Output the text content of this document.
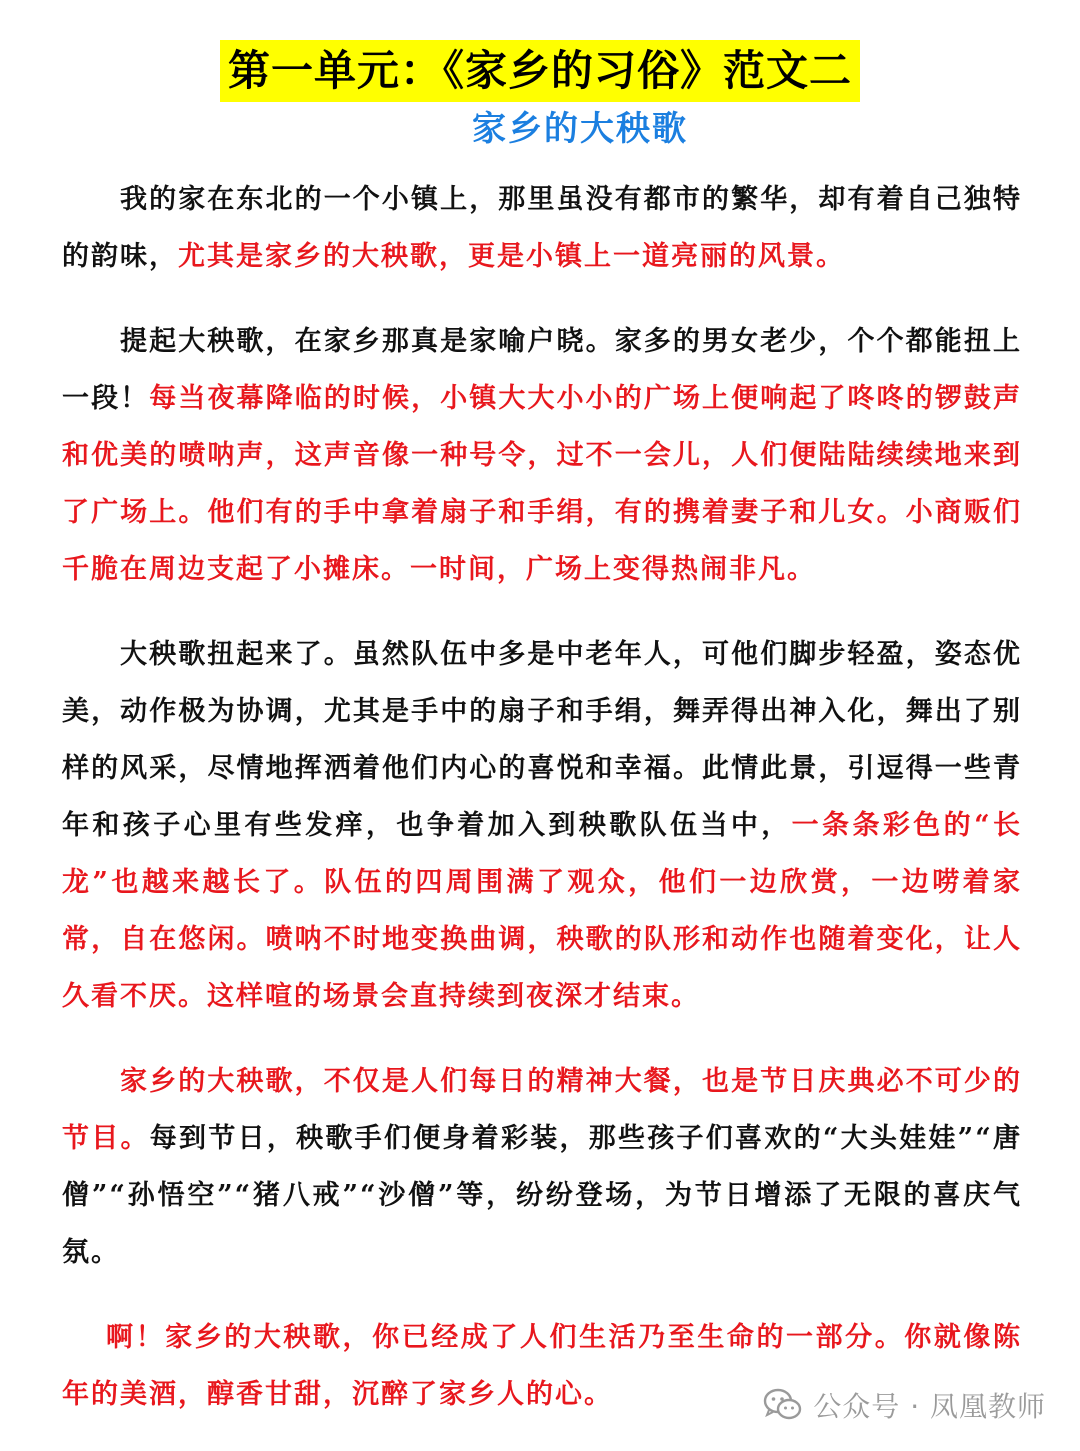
第一单元：《家乡的习俗》范文二
家乡的大秧歌

我的家在东北的一个小镇上，那里虽没有都市的繁华，却有着自己独特的韵味，尤其是家乡的大秧歌，更是小镇上一道亮丽的风景。

提起大秧歌，在家乡那真是家喻户晓。家多的男女老少，个个都能扭上一段！每当夜幕降临的时候，小镇大大小小的广场上便响起了咚咚的锣鼓声和优美的喷呐声，这声音像一种号令，过不一会儿，人们便陆陆续续地来到了广场上。他们有的手中拿着扇子和手绢，有的携着妻子和儿女。小商贩们千脆在周边支起了小摊床。一时间，广场上变得热闹非凡。

大秧歌扭起来了。虽然队伍中多是中老年人，可他们脚步轻盈，姿态优美，动作极为协调，尤其是手中的扇子和手绢，舞弄得出神入化，舞出了别样的风采，尽情地挥洒着他们内心的喜悦和幸福。此情此景，引逗得一些青年和孩子心里有些发痒，也争着加入到秧歌队伍当中，一条条彩色的“长龙”也越来越长了。队伍的四周围满了观众，他们一边欣赏，一边唠着家常，自在悠闲。喷呐不时地变换曲调，秧歌的队形和动作也随着变化，让人久看不厌。这样喧的场景会直持续到夜深才结束。

家乡的大秧歌，不仅是人们每日的精神大餐，也是节日庆典必不可少的节目。每到节日，秧歌手们便身着彩装，那些孩子们喜欢的“大头娃娃”“唐僧”“孙悟空”“猪八戒”“沙僧”等，纷纷登场，为节日增添了无限的喜庆气氛。

啊！家乡的大秧歌，你已经成了人们生活乃至生命的一部分。你就像陈年的美酒，醇香甘甜，沉醉了家乡人的心。	公众号 · 凤凰教师
